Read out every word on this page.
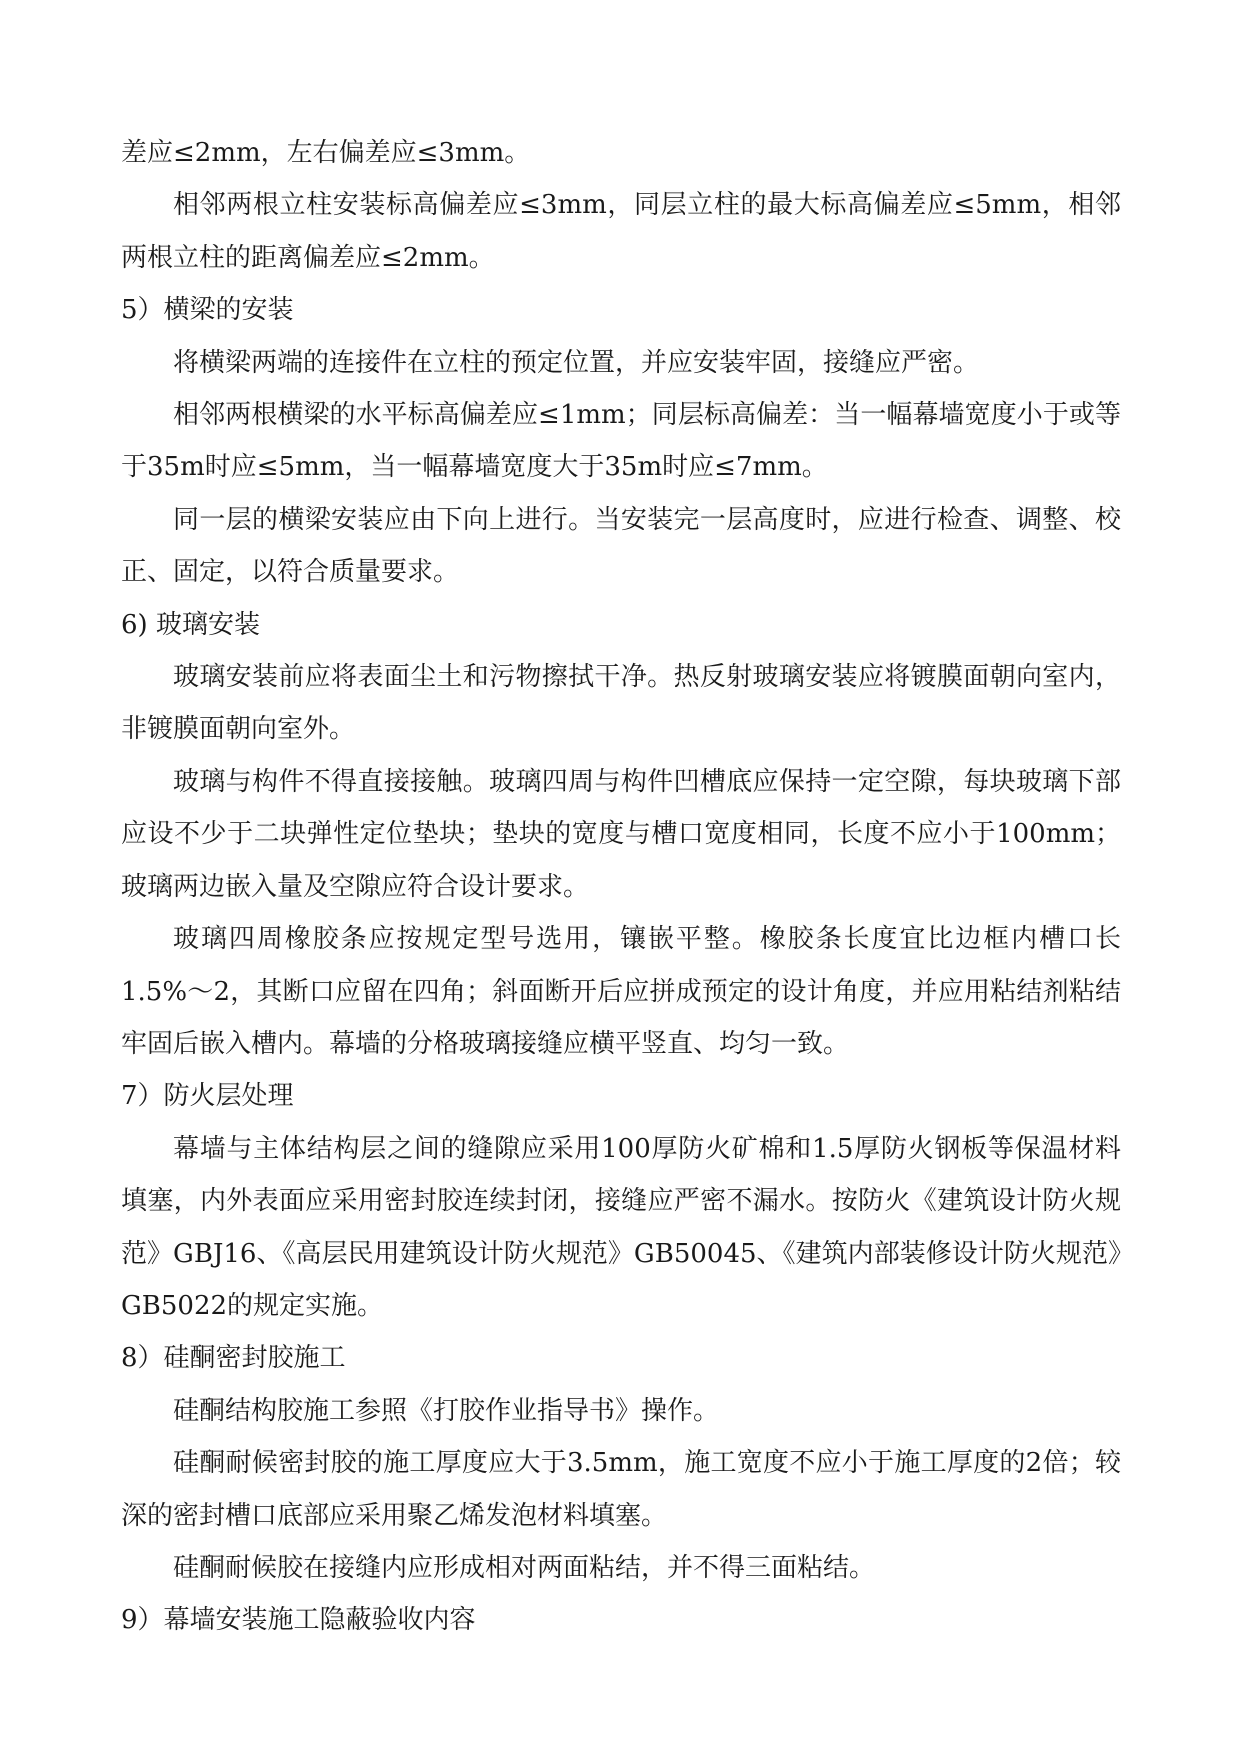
差应≤2mm，左右偏差应≤3mm。

相邻两根立柱安装标高偏差应≤3mm，同层立柱的最大标高偏差应≤5mm，相邻两根立柱的距离偏差应≤2mm。

5）横梁的安装

将横梁两端的连接件在立柱的预定位置，并应安装牢固，接缝应严密。

相邻两根横梁的水平标高偏差应≤1mm；同层标高偏差：当一幅幕墙宽度小于或等于35m时应≤5mm，当一幅幕墙宽度大于35m时应≤7mm。

同一层的横梁安装应由下向上进行。当安装完一层高度时，应进行检查、调整、校正、固定，以符合质量要求。

6) 玻璃安装

玻璃安装前应将表面尘土和污物擦拭干净。热反射玻璃安装应将镀膜面朝向室内，非镀膜面朝向室外。

玻璃与构件不得直接接触。玻璃四周与构件凹槽底应保持一定空隙，每块玻璃下部应设不少于二块弹性定位垫块；垫块的宽度与槽口宽度相同，长度不应小于100mm；玻璃两边嵌入量及空隙应符合设计要求。

玻璃四周橡胶条应按规定型号选用，镶嵌平整。橡胶条长度宜比边框内槽口长1.5%～2，其断口应留在四角；斜面断开后应拼成预定的设计角度，并应用粘结剂粘结牢固后嵌入槽内。幕墙的分格玻璃接缝应横平竖直、均匀一致。

7）防火层处理

幕墙与主体结构层之间的缝隙应采用100厚防火矿棉和1.5厚防火钢板等保温材料填塞，内外表面应采用密封胶连续封闭，接缝应严密不漏水。按防火《建筑设计防火规范》GBJ16、《高层民用建筑设计防火规范》GB50045、《建筑内部装修设计防火规范》GB5022的规定实施。

8）硅酮密封胶施工

硅酮结构胶施工参照《打胶作业指导书》操作。

硅酮耐候密封胶的施工厚度应大于3.5mm，施工宽度不应小于施工厚度的2倍；较深的密封槽口底部应采用聚乙烯发泡材料填塞。

硅酮耐候胶在接缝内应形成相对两面粘结，并不得三面粘结。

9）幕墙安装施工隐蔽验收内容
